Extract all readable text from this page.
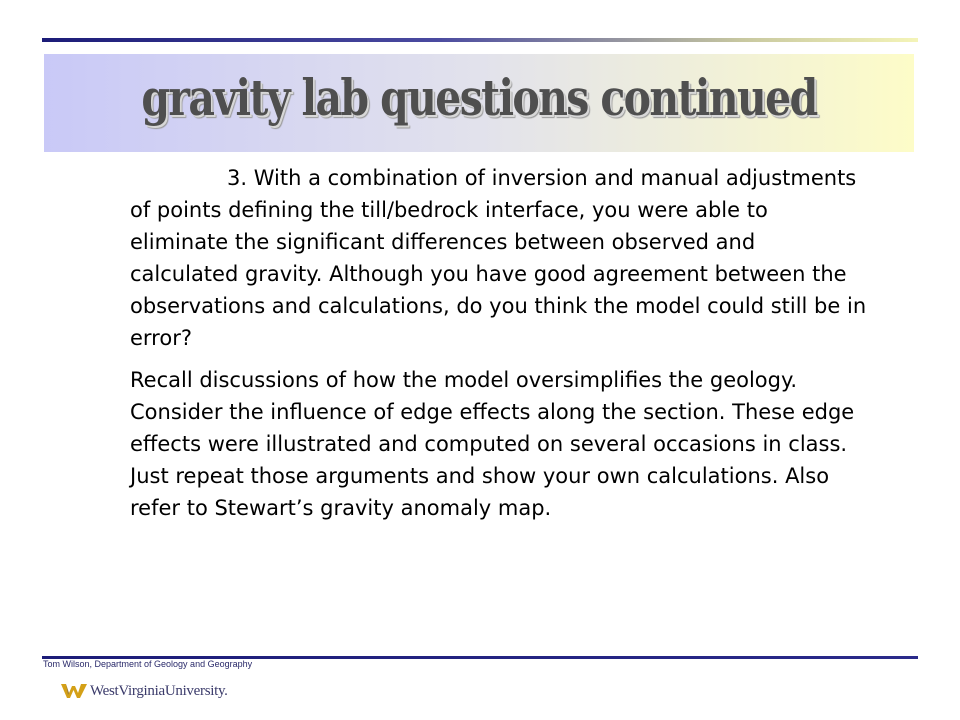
gravity lab questions continued

3. With a combination of inversion and manual adjustments of points defining the till/bedrock interface, you were able to eliminate the significant differences between observed and calculated gravity. Although you have good agreement between the observations and calculations, do you think the model could still be in error?

Recall discussions of how the model oversimplifies the geology. Consider the influence of edge effects along the section. These edge effects were illustrated and computed on several occasions in class. Just repeat those arguments and show your own calculations. Also refer to Stewart’s gravity anomaly map.

Tom Wilson, Department of Geology and Geography
WestVirginiaUniversity.
